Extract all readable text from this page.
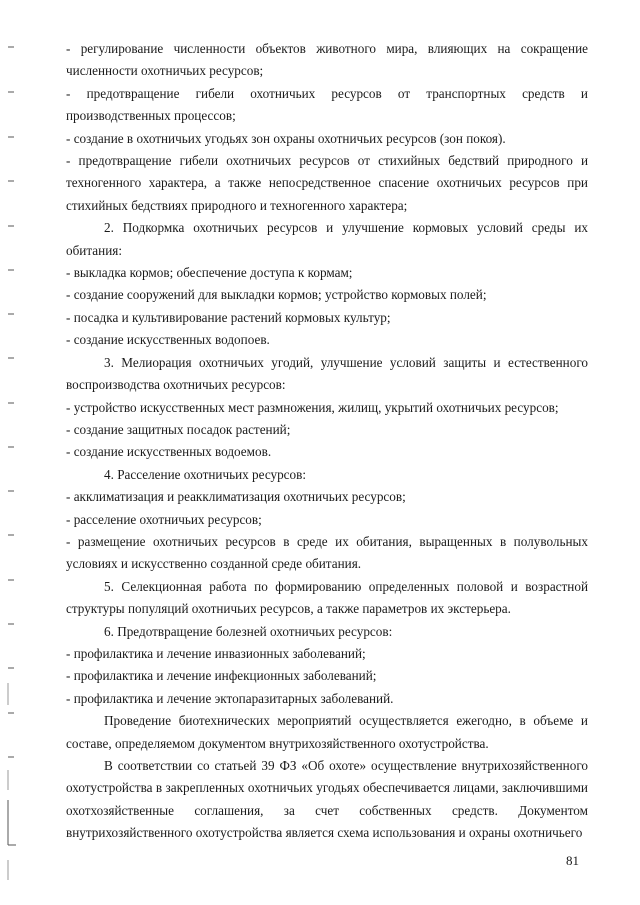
- регулирование численности объектов животного мира, влияющих на сокращение численности охотничьих ресурсов;

- предотвращение гибели охотничьих ресурсов от транспортных средств и производственных процессов;

- создание в охотничьих угодьях зон охраны охотничьих ресурсов (зон покоя).

- предотвращение гибели охотничьих ресурсов от стихийных бедствий природного и техногенного характера, а также непосредственное спасение охотничьих ресурсов при стихийных бедствиях природного и техногенного характера;

2. Подкормка охотничьих ресурсов и улучшение кормовых условий среды их обитания:

- выкладка кормов; обеспечение доступа к кормам;

- создание сооружений для выкладки кормов; устройство кормовых полей;

- посадка и культивирование растений кормовых культур;

- создание искусственных водопоев.

3. Мелиорация охотничьих угодий, улучшение условий защиты и естественного воспроизводства охотничьих ресурсов:

- устройство искусственных мест размножения, жилищ, укрытий охотничьих ресурсов;

- создание защитных посадок растений;

- создание искусственных водоемов.

4. Расселение охотничьих ресурсов:

- акклиматизация и реакклиматизация охотничьих ресурсов;

- расселение охотничьих ресурсов;

- размещение охотничьих ресурсов в среде их обитания, выращенных в полувольных условиях и искусственно созданной среде обитания.

5. Селекционная работа по формированию определенных половой и возрастной структуры популяций охотничьих ресурсов, а также параметров их экстерьера.

6. Предотвращение болезней охотничьих ресурсов:

- профилактика и лечение инвазионных заболеваний;

- профилактика и лечение инфекционных заболеваний;

- профилактика и лечение эктопаразитарных заболеваний.

Проведение биотехнических мероприятий осуществляется ежегодно, в объеме и составе, определяемом документом внутрихозяйственного охотустройства.

В соответствии со статьей 39 ФЗ «Об охоте» осуществление внутрихозяйственного охотустройства в закрепленных охотничьих угодьях обеспечивается лицами, заключившими охотхозяйственные соглашения, за счет собственных средств. Документом внутрихозяйственного охотустройства является схема использования и охраны охотничьего

81
